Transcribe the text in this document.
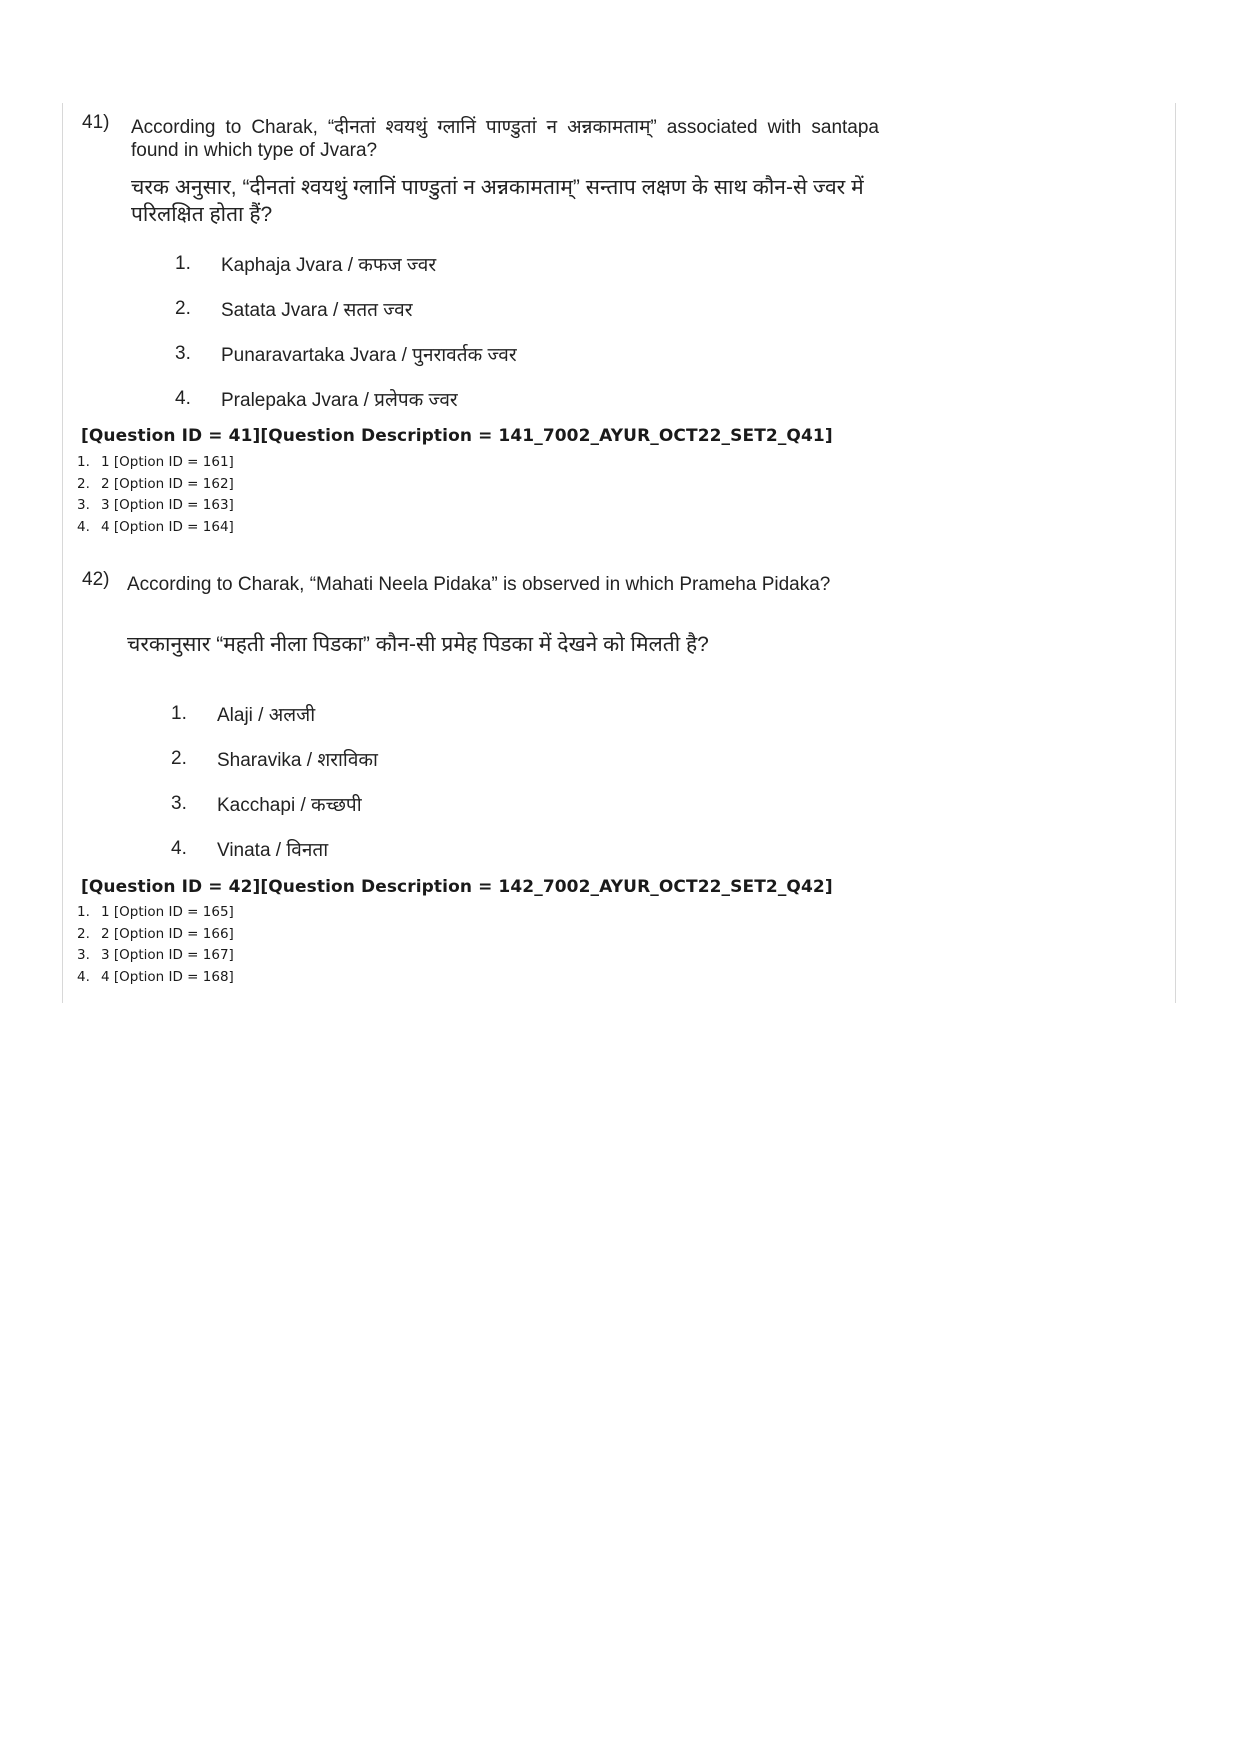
41) According to Charak, “दीनतां श्वयथुं ग्लानिं पाण्डुतां न अन्नकामताम्” associated with santapa found in which type of Jvara?
चरक अनुसार, “दीनतां श्वयथुं ग्लानिं पाण्डुतां न अन्नकामताम्” सन्ताप लक्षण के साथ कौन-से ज्वर में परिलक्षित होता हैं?
1.	Kaphaja Jvara / कफज ज्वर
2.	Satata Jvara / सतत ज्वर
3.	Punaravartaka Jvara / पुनरावर्तक ज्वर
4.	Pralepaka Jvara / प्रलेपक ज्वर
[Question ID = 41][Question Description = 141_7002_AYUR_OCT22_SET2_Q41]
1. 1 [Option ID = 161]
2. 2 [Option ID = 162]
3. 3 [Option ID = 163]
4. 4 [Option ID = 164]
42) According to Charak, “Mahati Neela Pidaka” is observed in which Prameha Pidaka?
चरकानुसार “महती नीला पिडका” कौन-सी प्रमेह पिडका में देखने को मिलती है?
1.	Alaji / अलजी
2.	Sharavika / शराविका
3.	Kacchapi / कच्छपी
4.	Vinata / विनता
[Question ID = 42][Question Description = 142_7002_AYUR_OCT22_SET2_Q42]
1. 1 [Option ID = 165]
2. 2 [Option ID = 166]
3. 3 [Option ID = 167]
4. 4 [Option ID = 168]
